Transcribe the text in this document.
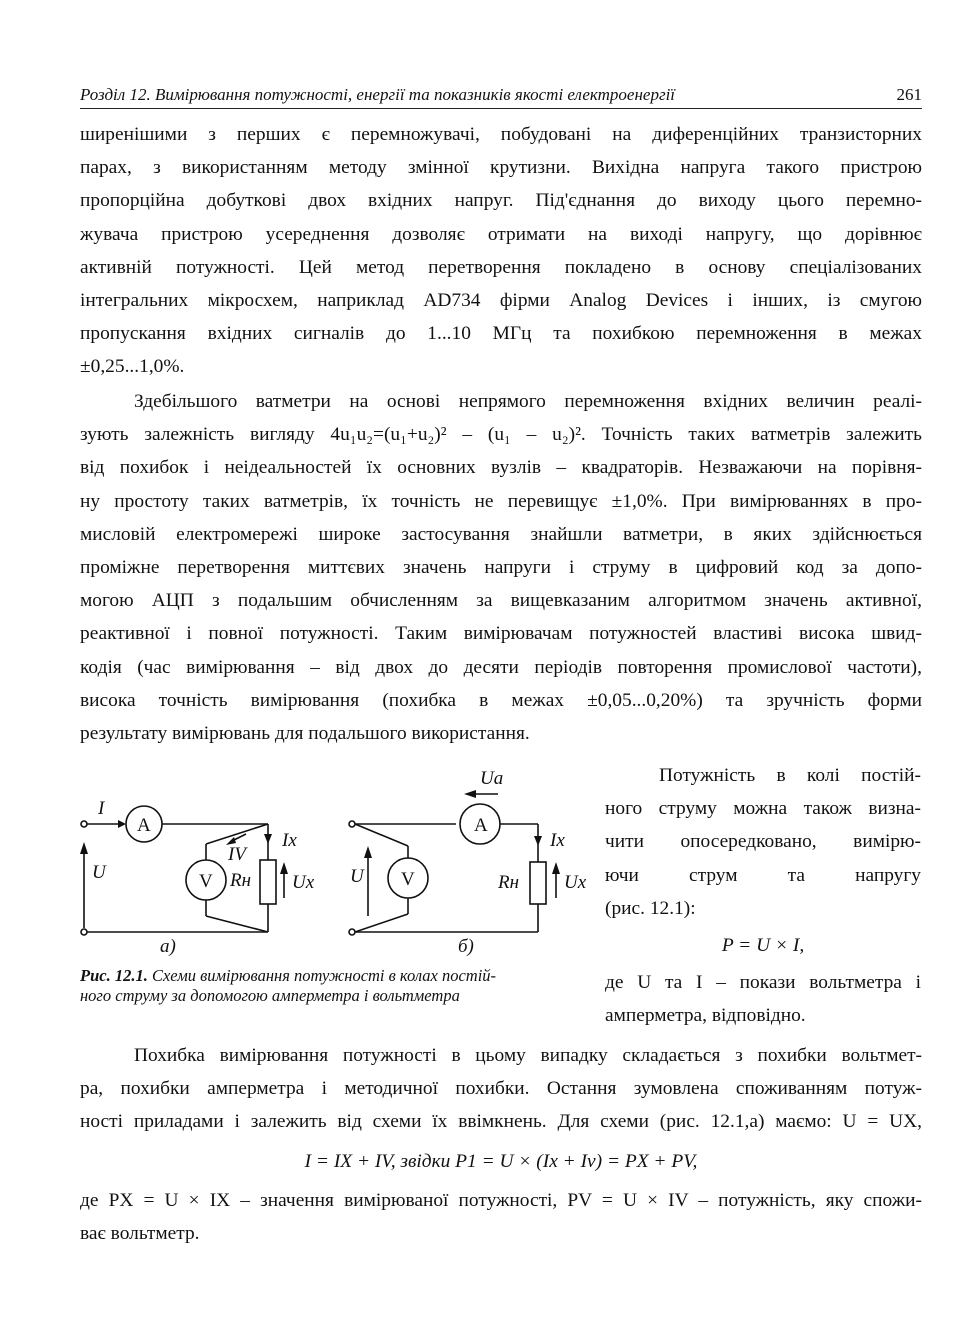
Розділ 12. Вимірювання потужності, енергії та показників якості електроенергії	261
ширенішими з перших є перемножувачі, побудовані на диференційних транзисторних
парах, з використанням методу змінної крутизни. Вихідна напруга такого пристрою
пропорційна добуткові двох вхідних напруг. Під'єднання до виходу цього перемно-
жувача пристрою усереднення дозволяє отримати на виході напругу, що дорівнює
активній потужності. Цей метод перетворення покладено в основу спеціалізованих
інтегральних мікросхем, наприклад AD734 фірми Analog Devices і інших, із смугою
пропускання вхідних сигналів до 1...10 МГц та похибкою перемноження в межах
±0,25...1,0%.
Здебільшого ватметри на основі непрямого перемноження вхідних величин реалі-
зують залежність вигляду 4u₁u₂=(u₁+u₂)² – (u₁ – u₂)². Точність таких ватметрів залежить
від похибок і неідеальностей їх основних вузлів – квадраторів. Незважаючи на порівня-
ну простоту таких ватметрів, їх точність не перевищує ±1,0%. При вимірюваннях в про-
мисловій електромережі широке застосування знайшли ватметри, в яких здійснюється
проміжне перетворення миттєвих значень напруги і струму в цифровий код за допо-
могою АЦП з подальшим обчисленням за вищевказаним алгоритмом значень активної,
реактивної і повної потужності. Таким вимірювачам потужностей властиві висока швид-
кодія (час вимірювання – від двох до десяти періодів повторення промислової частоти),
висока точність вимірювання (похибка в межах ±0,05...0,20%) та зручність форми
результату вимірювань для подальшого використання.
I
A
V
U
IV
Ix
Rн Ux
A
V
U
Ua
Ix
Rн Ux
а)	б)
Рис. 12.1. Схеми вимірювання потужності в колах постій-
ного струму за допомогою амперметра і вольтметра
Потужність в колі постій-
ного струму можна також визна-
чити опосередковано, вимірю-
ючи струм та напругу
(рис. 12.1):
P = U × I,
де U та I – покази вольтметра і
амперметра, відповідно.
Похибка вимірювання потужності в цьому випадку складається з похибки вольтмет-
ра, похибки амперметра і методичної похибки. Остання зумовлена споживанням потуж-
ності приладами і залежить від схеми їх ввімкнень. Для схеми (рис. 12.1,а) маємо: U = UX,
I = IX + IV, звідки P1 = U × (Ix + Iv) = PX + PV,
де PX = U × IX – значення вимірюваної потужності, PV = U × IV – потужність, яку спожи-
ває вольтметр.
